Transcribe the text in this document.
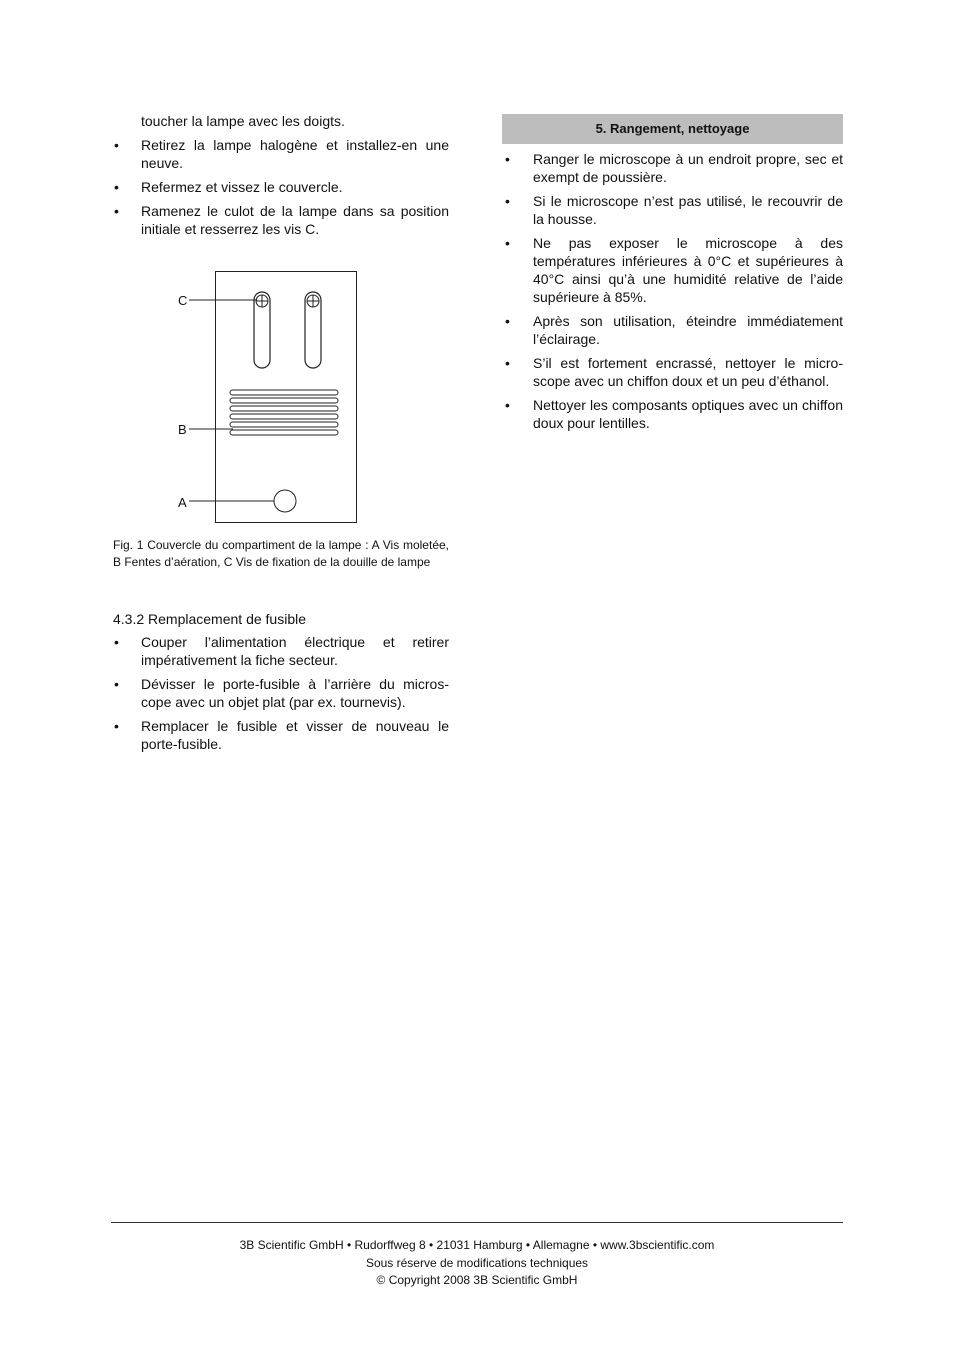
toucher la lampe avec les doigts.
• Retirez la lampe halogène et installez-en une neuve.
• Refermez et vissez le couvercle.
• Ramenez le culot de la lampe dans sa position initiale et resserrez les vis C.
C
B
A
Fig. 1 Couvercle du compartiment de la lampe : A Vis moletée, B Fentes d’aération, C Vis de fixation de la douille de lampe
4.3.2 Remplacement de fusible
• Couper l’alimentation électrique et retirer impérativement la fiche secteur.
• Dévisser le porte-fusible à l’arrière du micros-cope avec un objet plat (par ex. tournevis).
• Remplacer le fusible et visser de nouveau le porte-fusible.
5. Rangement, nettoyage
• Ranger le microscope à un endroit propre, sec et exempt de poussière.
• Si le microscope n’est pas utilisé, le recouvrir de la housse.
• Ne pas exposer le microscope à des températures inférieures à 0°C et supérieures à 40°C ainsi qu’à une humidité relative de l’aide supérieure à 85%.
• Après son utilisation, éteindre immédiatement l’éclairage.
• S’il est fortement encrassé, nettoyer le micro-scope avec un chiffon doux et un peu d’éthanol.
• Nettoyer les composants optiques avec un chiffon doux pour lentilles.
3B Scientific GmbH • Rudorffweg 8 • 21031 Hamburg • Allemagne • www.3bscientific.com
Sous réserve de modifications techniques
© Copyright 2008 3B Scientific GmbH
